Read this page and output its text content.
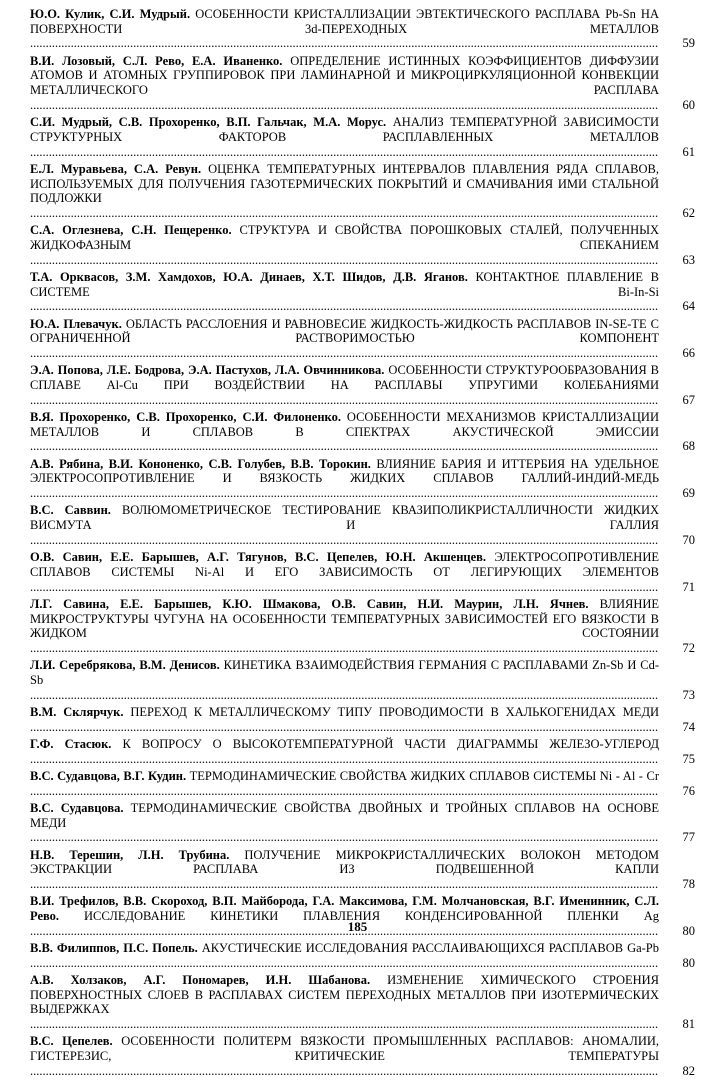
Ю.О. Кулик, С.И. Мудрый. ОСОБЕННОСТИ КРИСТАЛЛИЗАЦИИ ЭВТЕКТИЧЕСКОГО РАСПЛАВА Pb-Sn НА ПОВЕРХНОСТИ 3d-ПЕРЕХОДНЫХ МЕТАЛЛОВ .....
59
В.И. Лозовый, С.Л. Рево, Е.А. Иваненко. ОПРЕДЕЛЕНИЕ ИСТИННЫХ КОЭФФИЦИЕНТОВ ДИФФУЗИИ АТОМОВ И АТОМНЫХ ГРУППИРОВОК ПРИ ЛАМИНАРНОЙ И МИКРОЦИРКУЛЯЦИОННОЙ КОНВЕКЦИИ МЕТАЛЛИЧЕСКОГО РАСПЛАВА .....
60
С.И. Мудрый, С.В. Прохоренко, В.П. Гальчак, М.А. Морус. АНАЛИЗ ТЕМПЕРАТУРНОЙ ЗАВИСИМОСТИ СТРУКТУРНЫХ ФАКТОРОВ РАСПЛАВЛЕННЫХ МЕТАЛЛОВ .....
61
Е.Л. Муравьева, С.А. Ревун. ОЦЕНКА ТЕМПЕРАТУРНЫХ ИНТЕРВАЛОВ ПЛАВЛЕНИЯ РЯДА СПЛАВОВ, ИСПОЛЬЗУЕМЫХ ДЛЯ ПОЛУЧЕНИЯ ГАЗОТЕРМИЧЕСКИХ ПОКРЫТИЙ И СМАЧИВАНИЯ ИМИ СТАЛЬНОЙ ПОДЛОЖКИ .....
62
С.А. Оглезнева, С.Н. Пещеренко. СТРУКТУРА И СВОЙСТВА ПОРОШКОВЫХ СТАЛЕЙ, ПОЛУЧЕННЫХ ЖИДКОФАЗНЫМ СПЕКАНИЕМ .....
63
Т.А. Орквасов, З.М. Хамдохов, Ю.А. Динаев, Х.Т. Шидов, Д.В. Яганов. КОНТАКТНОЕ ПЛАВЛЕНИЕ В СИСТЕМЕ Bi-In-Si .....
64
Ю.А. Плевачук. ОБЛАСТЬ РАССЛОЕНИЯ И РАВНОВЕСИЕ ЖИДКОСТЬ-ЖИДКОСТЬ РАСПЛАВОВ IN-SE-TE С ОГРАНИЧЕННОЙ РАСТВОРИМОСТЬЮ КОМПОНЕНТ .....
66
Э.А. Попова, Л.Е. Бодрова, Э.А. Пастухов, Л.А. Овчинникова. ОСОБЕННОСТИ СТРУКТУРООБРАЗОВАНИЯ В СПЛАВЕ Al-Cu ПРИ ВОЗДЕЙСТВИИ НА РАСПЛАВЫ УПРУГИМИ КОЛЕБАНИЯМИ .....
67
В.Я. Прохоренко, С.В. Прохоренко, С.И. Филоненко. ОСОБЕННОСТИ МЕХАНИЗМОВ КРИСТАЛЛИЗАЦИИ МЕТАЛЛОВ И СПЛАВОВ В СПЕКТРАХ АКУСТИЧЕСКОЙ ЭМИССИИ .....
68
А.В. Рябина, В.И. Кононенко, С.В. Голубев, В.В. Торокин. ВЛИЯНИЕ БАРИЯ И ИТТЕРБИЯ НА УДЕЛЬНОЕ ЭЛЕКТРОСОПРОТИВЛЕНИЕ И ВЯЗКОСТЬ ЖИДКИХ СПЛАВОВ ГАЛЛИЙ-ИНДИЙ-МЕДЬ .....
69
В.С. Саввин. ВОЛЮМОМЕТРИЧЕСКОЕ ТЕСТИРОВАНИЕ КВАЗИПОЛИКРИСТАЛЛИЧНОСТИ ЖИДКИХ ВИСМУТА И ГАЛЛИЯ .....
70
О.В. Савин, Е.Е. Барышев, А.Г. Тягунов, В.С. Цепелев, Ю.Н. Акшенцев. ЭЛЕКТРОСОПРОТИВЛЕНИЕ СПЛАВОВ СИСТЕМЫ Ni-Al И ЕГО ЗАВИСИМОСТЬ ОТ ЛЕГИРУЮЩИХ ЭЛЕМЕНТОВ .....
71
Л.Г. Савина, Е.Е. Барышев, К.Ю. Шмакова, О.В. Савин, Н.И. Маурин, Л.Н. Ячнев. ВЛИЯНИЕ МИКРОСТРУКТУРЫ ЧУГУНА НА ОСОБЕННОСТИ ТЕМПЕРАТУРНЫХ ЗАВИСИМОСТЕЙ ЕГО ВЯЗКОСТИ В ЖИДКОМ СОСТОЯНИИ .....
72
Л.И. Серебрякова, В.М. Денисов. КИНЕТИКА ВЗАИМОДЕЙСТВИЯ ГЕРМАНИЯ С РАСПЛАВАМИ Zn-Sb И Cd-Sb .....
73
В.М. Склярчук. ПЕРЕХОД К МЕТАЛЛИЧЕСКОМУ ТИПУ ПРОВОДИМОСТИ В ХАЛЬКОГЕНИДАХ МЕДИ .....
74
Г.Ф. Стасюк. К ВОПРОСУ О ВЫСОКОТЕМПЕРАТУРНОЙ ЧАСТИ ДИАГРАММЫ ЖЕЛЕЗО-УГЛЕРОД .....
75
В.С. Судавцова, В.Г. Кудин. ТЕРМОДИНАМИЧЕСКИЕ СВОЙСТВА ЖИДКИХ СПЛАВОВ СИСТЕМЫ Ni - Al - Cr .....
76
В.С. Судавцова. ТЕРМОДИНАМИЧЕСКИЕ СВОЙСТВА ДВОЙНЫХ И ТРОЙНЫХ СПЛАВОВ НА ОСНОВЕ МЕДИ .....
77
Н.В. Терешин, Л.Н. Трубина. ПОЛУЧЕНИЕ МИКРОКРИСТАЛЛИЧЕСКИХ ВОЛОКОН МЕТОДОМ ЭКСТРАКЦИИ РАСПЛАВА ИЗ ПОДВЕШЕННОЙ КАПЛИ .....
78
В.И. Трефилов, В.В. Скороход, В.П. Майборода, Г.А. Максимова, Г.М. Молчановская, В.Г. Именинник, С.Л. Рево. ИССЛЕДОВАНИЕ КИНЕТИКИ ПЛАВЛЕНИЯ КОНДЕНСИРОВАННОЙ ПЛЕНКИ Ag .....
80
В.В. Филиппов, П.С. Попель. АКУСТИЧЕСКИЕ ИССЛЕДОВАНИЯ РАССЛАИВАЮЩИХСЯ РАСПЛАВОВ Ga-Pb .....
80
А.В. Холзаков, А.Г. Пономарев, И.Н. Шабанова. ИЗМЕНЕНИЕ ХИМИЧЕСКОГО СТРОЕНИЯ ПОВЕРХНОСТНЫХ СЛОЕВ В РАСПЛАВАХ СИСТЕМ ПЕРЕХОДНЫХ МЕТАЛЛОВ ПРИ ИЗОТЕРМИЧЕСКИХ ВЫДЕРЖКАХ .....
81
В.С. Цепелев. ОСОБЕННОСТИ ПОЛИТЕРМ ВЯЗКОСТИ ПРОМЫШЛЕННЫХ РАСПЛАВОВ: АНОМАЛИИ, ГИСТЕРЕЗИС, КРИТИЧЕСКИЕ ТЕМПЕРАТУРЫ .....
82
185
